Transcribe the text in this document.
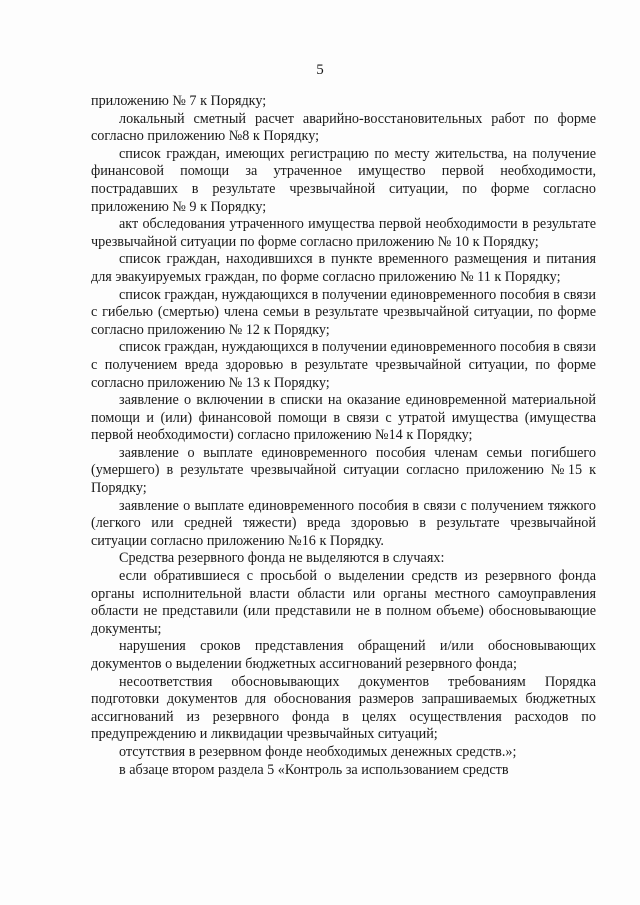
5

приложению № 7 к Порядку;

локальный сметный расчет аварийно-восстановительных работ по форме согласно приложению №8 к Порядку;

список граждан, имеющих регистрацию по месту жительства, на получение финансовой помощи за утраченное имущество первой необходимости, пострадавших в результате чрезвычайной ситуации, по форме согласно приложению № 9 к Порядку;

акт обследования утраченного имущества первой необходимости в результате чрезвычайной ситуации по форме согласно приложению № 10 к Порядку;

список граждан, находившихся в пункте временного размещения и питания для эвакуируемых граждан, по форме согласно приложению № 11 к Порядку;

список граждан, нуждающихся в получении единовременного пособия в связи с гибелью (смертью) члена семьи в результате чрезвычайной ситуации, по форме согласно приложению № 12 к Порядку;

список граждан, нуждающихся в получении единовременного пособия в связи с получением вреда здоровью в результате чрезвычайной ситуации, по форме согласно приложению № 13 к Порядку;

заявление о включении в списки на оказание единовременной материальной помощи и (или) финансовой помощи в связи с утратой имущества (имущества первой необходимости) согласно приложению №14 к Порядку;

заявление о выплате единовременного пособия членам семьи погибшего (умершего) в результате чрезвычайной ситуации согласно приложению №15 к Порядку;

заявление о выплате единовременного пособия в связи с получением тяжкого (легкого или средней тяжести) вреда здоровью в результате чрезвычайной ситуации согласно приложению №16 к Порядку.

Средства резервного фонда не выделяются в случаях:

если обратившиеся с просьбой о выделении средств из резервного фонда органы исполнительной власти области или органы местного самоуправления области не представили (или представили не в полном объеме) обосновывающие документы;

нарушения сроков представления обращений и/или обосновывающих документов о выделении бюджетных ассигнований резервного фонда;

несоответствия обосновывающих документов требованиям Порядка подготовки документов для обоснования размеров запрашиваемых бюджетных ассигнований из резервного фонда в целях осуществления расходов по предупреждению и ликвидации чрезвычайных ситуаций;

отсутствия в резервном фонде необходимых денежных средств.»;

в абзаце втором раздела 5 «Контроль за использованием средств
